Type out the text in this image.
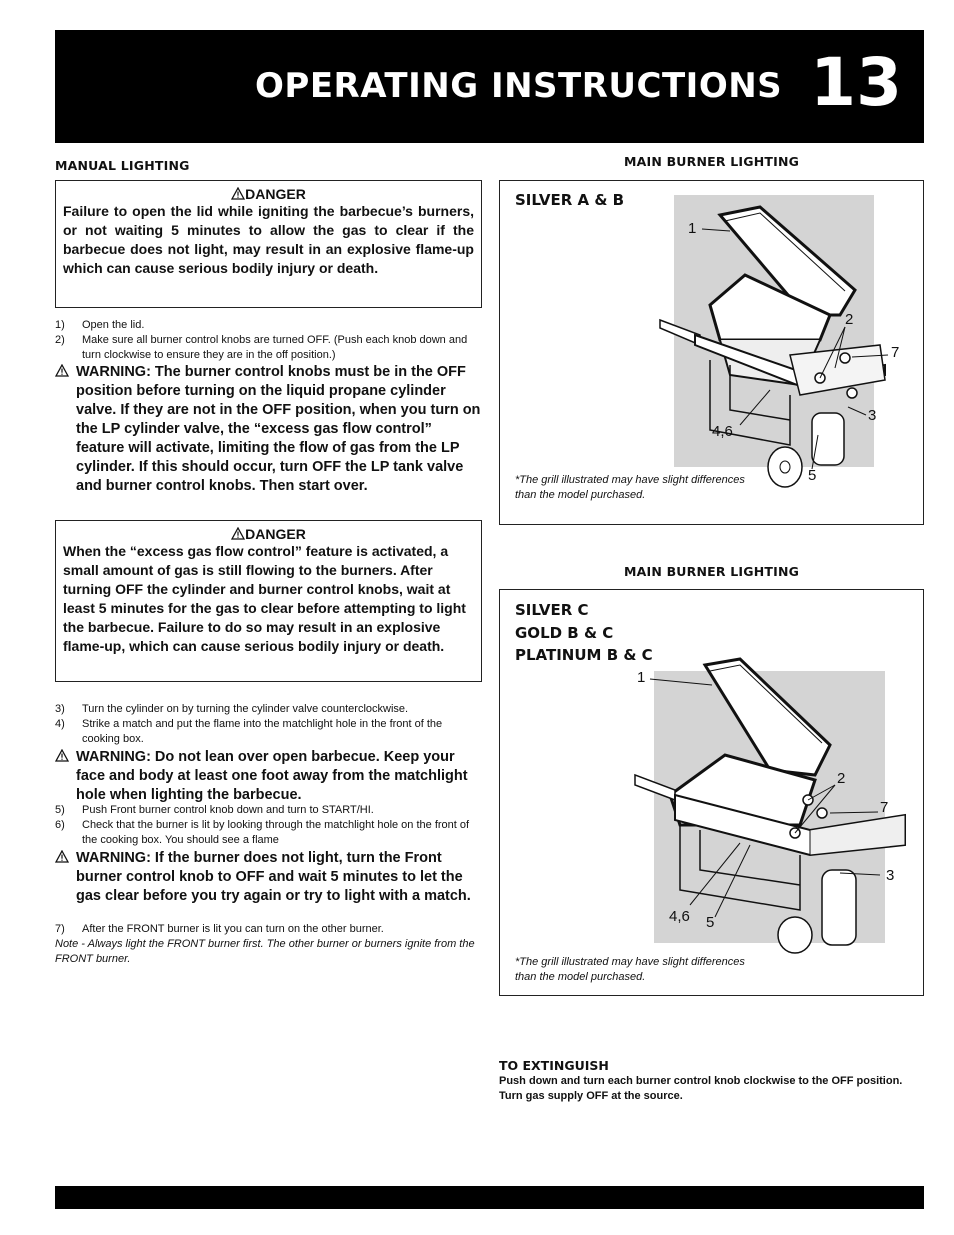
OPERATING INSTRUCTIONS 13
MANUAL LIGHTING
DANGER
Failure to open the lid while igniting the barbecue’s burners, or not waiting 5 minutes to allow the gas to clear if the barbecue does not light, may result in an explosive flame-up which can cause serious bodily injury or death.
1) Open the lid.
2) Make sure all burner control knobs are turned OFF. (Push each knob down and turn clockwise to ensure they are in the off position.)
WARNING: The burner control knobs must be in the OFF position before turning on the liquid propane cylinder valve. If they are not in the OFF position, when you turn on the LP cylinder valve, the “excess gas flow control” feature will activate, limiting the flow of gas from the LP cylinder. If this should occur, turn OFF the LP tank valve and burner control knobs. Then start over.
DANGER
When the “excess gas flow control” feature is activated, a small amount of gas is still flowing to the burners. After turning OFF the cylinder and burner control knobs, wait at least 5 minutes for the gas to clear before attempting to light the barbecue. Failure to do so may result in an explosive flame-up, which can cause serious bodily injury or death.
3) Turn the cylinder on by turning the cylinder valve counterclockwise.
4) Strike a match and put the flame into the matchlight hole in the front of the cooking box.
WARNING: Do not lean over open barbecue. Keep your face and body at least one foot away from the matchlight hole when lighting the barbecue.
5) Push Front burner control knob down and turn to START/HI.
6) Check that the burner is lit by looking through the matchlight hole on the front of the cooking box. You should see a flame
WARNING: If the burner does not light, turn the Front burner control knob to OFF and wait 5 minutes to let the gas clear before you try again or try to light with a match.
7) After the FRONT burner is lit you can turn on the other burner.
Note - Always light the FRONT burner first. The other burner or burners ignite from the FRONT burner.
MAIN BURNER LIGHTING
SILVER A & B
1
2
7
3
4,6
5
*The grill illustrated may have slight differences than the model purchased.
MAIN BURNER LIGHTING
SILVER C
GOLD B & C
PLATINUM B & C
1
2
7
3
4,6 5
*The grill illustrated may have slight differences than the model purchased.
TO EXTINGUISH
Push down and turn each burner control knob clockwise to the OFF position. Turn gas supply OFF at the source.
